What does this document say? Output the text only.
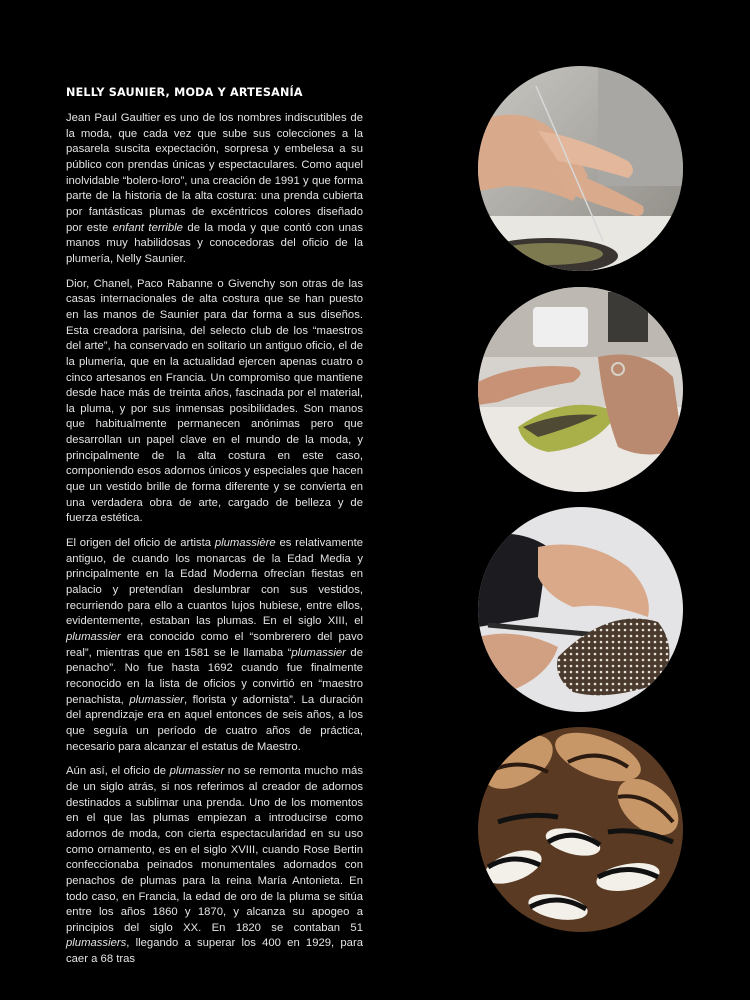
NELLY SAUNIER, MODA Y ARTESANÍA

Jean Paul Gaultier es uno de los nombres indiscutibles de la moda, que cada vez que sube sus colecciones a la pasarela suscita expectación, sorpresa y embelesa a su público con prendas únicas y espectaculares. Como aquel inolvidable “bolero-loro”, una creación de 1991 y que forma parte de la historia de la alta costura: una prenda cubierta por fantásticas plumas de excéntricos colores diseñado por este enfant terrible de la moda y que contó con unas manos muy habilidosas y conocedoras del oficio de la plumería, Nelly Saunier.

Dior, Chanel, Paco Rabanne o Givenchy son otras de las casas internacionales de alta costura que se han puesto en las manos de Saunier para dar forma a sus diseños. Esta creadora parisina, del selecto club de los “maestros del arte”, ha conservado en solitario un antiguo oficio, el de la plumería, que en la actualidad ejercen apenas cuatro o cinco artesanos en Francia. Un compromiso que mantiene desde hace más de treinta años, fascinada por el material, la pluma, y por sus inmensas posibilidades. Son manos que habitualmente permanecen anónimas pero que desarrollan un papel clave en el mundo de la moda, y principalmente de la alta costura en este caso, componiendo esos adornos únicos y especiales que hacen que un vestido brille de forma diferente y se convierta en una verdadera obra de arte, cargado de belleza y de fuerza estética.

El origen del oficio de artista plumassière es relativamente antiguo, de cuando los monarcas de la Edad Media y principalmente en la Edad Moderna ofrecían fiestas en palacio y pretendían deslumbrar con sus vestidos, recurriendo para ello a cuantos lujos hubiese, entre ellos, evidentemente, estaban las plumas. En el siglo XIII, el plumassier era conocido como el “sombrerero del pavo real”, mientras que en 1581 se le llamaba “plumassier de penacho”. No fue hasta 1692 cuando fue finalmente reconocido en la lista de oficios y convirtió en “maestro penachista, plumassier, florista y adornista”. La duración del aprendizaje era en aquel entonces de seis años, a los que seguía un período de cuatro años de práctica, necesario para alcanzar el estatus de Maestro.

Aún así, el oficio de plumassier no se remonta mucho más de un siglo atrás, si nos referimos al creador de adornos destinados a sublimar una prenda. Uno de los momentos en el que las plumas empiezan a introducirse como adornos de moda, con cierta espectacularidad en su uso como ornamento, es en el siglo XVIII, cuando Rose Bertin confeccionaba peinados monumentales adornados con penachos de plumas para la reina María Antonieta. En todo caso, en Francia, la edad de oro de la pluma se sitúa entre los años 1860 y 1870, y alcanza su apogeo a principios del siglo XX. En 1820 se contaban 51 plumassiers, llegando a superar los 400 en 1929, para caer a 68 tras
